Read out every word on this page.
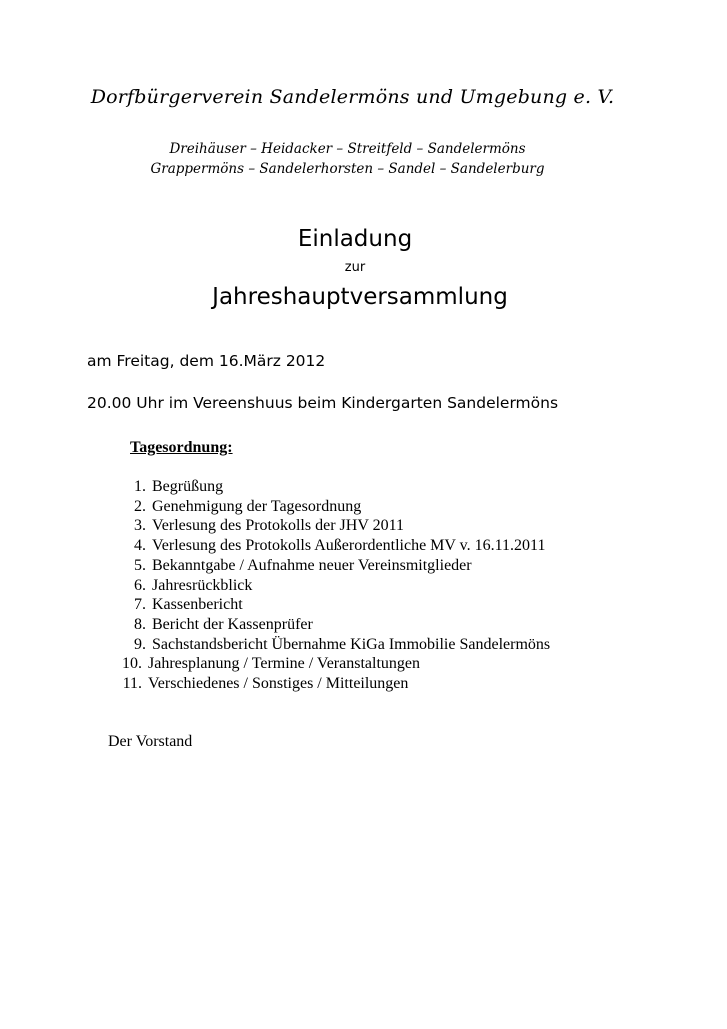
Dorfbürgerverein Sandelermöns und Umgebung e. V.
Dreihäuser – Heidacker – Streitfeld – Sandelermöns
Grappermöns – Sandelerhorsten – Sandel – Sandelerburg
Einladung
zur
Jahreshauptversammlung
am Freitag, dem 16.März 2012
20.00 Uhr im Vereenshuus beim Kindergarten Sandelermöns
Tagesordnung:
1. Begrüßung
2. Genehmigung der Tagesordnung
3. Verlesung des Protokolls der JHV 2011
4. Verlesung des Protokolls Außerordentliche MV v. 16.11.2011
5. Bekanntgabe / Aufnahme neuer Vereinsmitglieder
6. Jahresrückblick
7. Kassenbericht
8. Bericht der Kassenprüfer
9. Sachstandsbericht Übernahme KiGa Immobilie Sandelermöns
10. Jahresplanung / Termine / Veranstaltungen
11. Verschiedenes / Sonstiges / Mitteilungen
Der Vorstand
